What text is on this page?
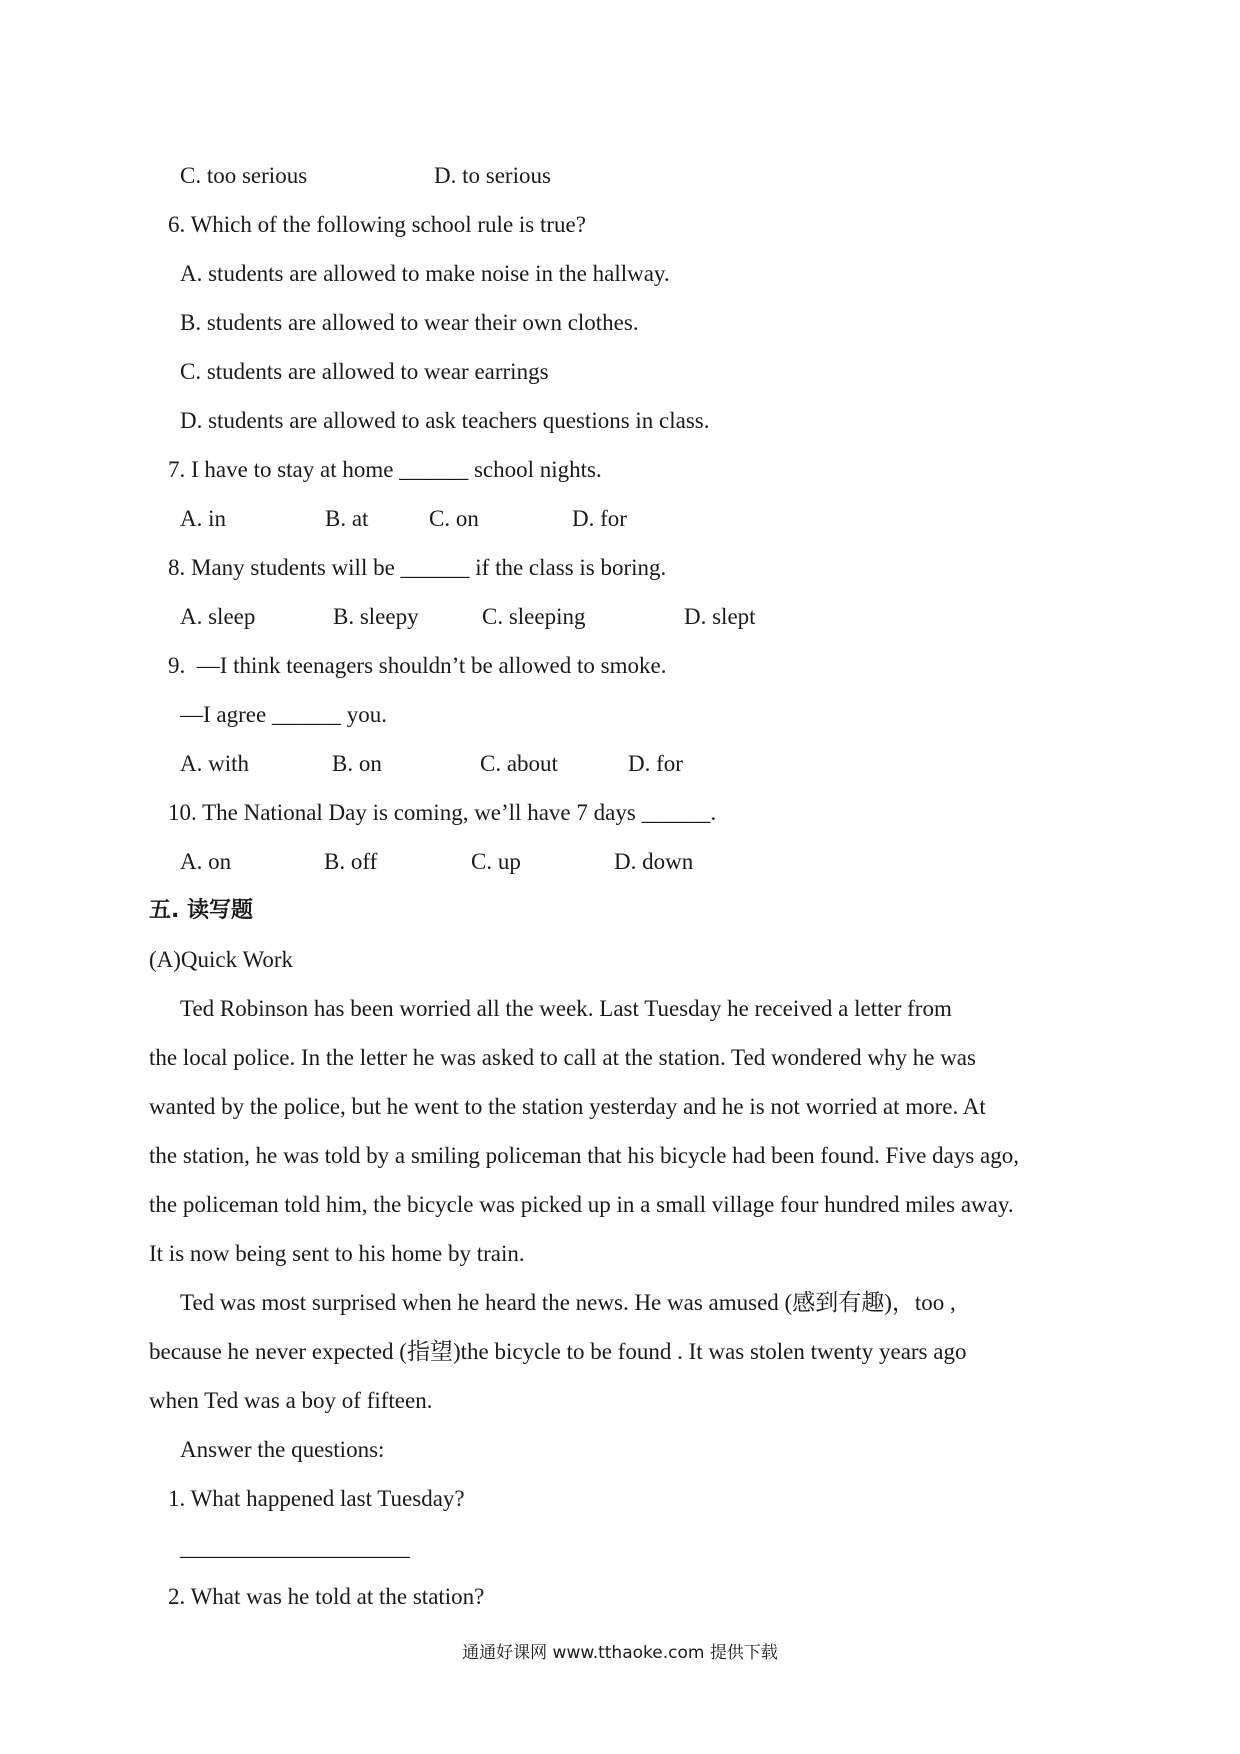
C. too serious	D. to serious
6. Which of the following school rule is true?
A. students are allowed to make noise in the hallway.
B. students are allowed to wear their own clothes.
C. students are allowed to wear earrings
D. students are allowed to ask teachers questions in class.
7. I have to stay at home ______ school nights.
A. in	B. at	C. on	D. for
8. Many students will be ______ if the class is boring.
A. sleep	B. sleepy	C. sleeping	D. slept
9.  —I think teenagers shouldn’t be allowed to smoke.
—I agree ______ you.
A. with	B. on	C. about	D. for
10. The National Day is coming, we’ll have 7 days ______.
A. on	B. off	C. up	D. down
五. 读写题
(A)Quick Work
Ted Robinson has been worried all the week. Last Tuesday he received a letter from
the local police. In the letter he was asked to call at the station. Ted wondered why he was
wanted by the police, but he went to the station yesterday and he is not worried at more. At
the station, he was told by a smiling policeman that his bicycle had been found. Five days ago,
the policeman told him, the bicycle was picked up in a small village four hundred miles away.
It is now being sent to his home by train.
Ted was most surprised when he heard the news. He was amused (感到有趣)，too ,
because he never expected (指望)the bicycle to be found . It was stolen twenty years ago
when Ted was a boy of fifteen.
Answer the questions:
1. What happened last Tuesday?
____________________
2. What was he told at the station?
通通好课网 www.tthaoke.com 提供下载
